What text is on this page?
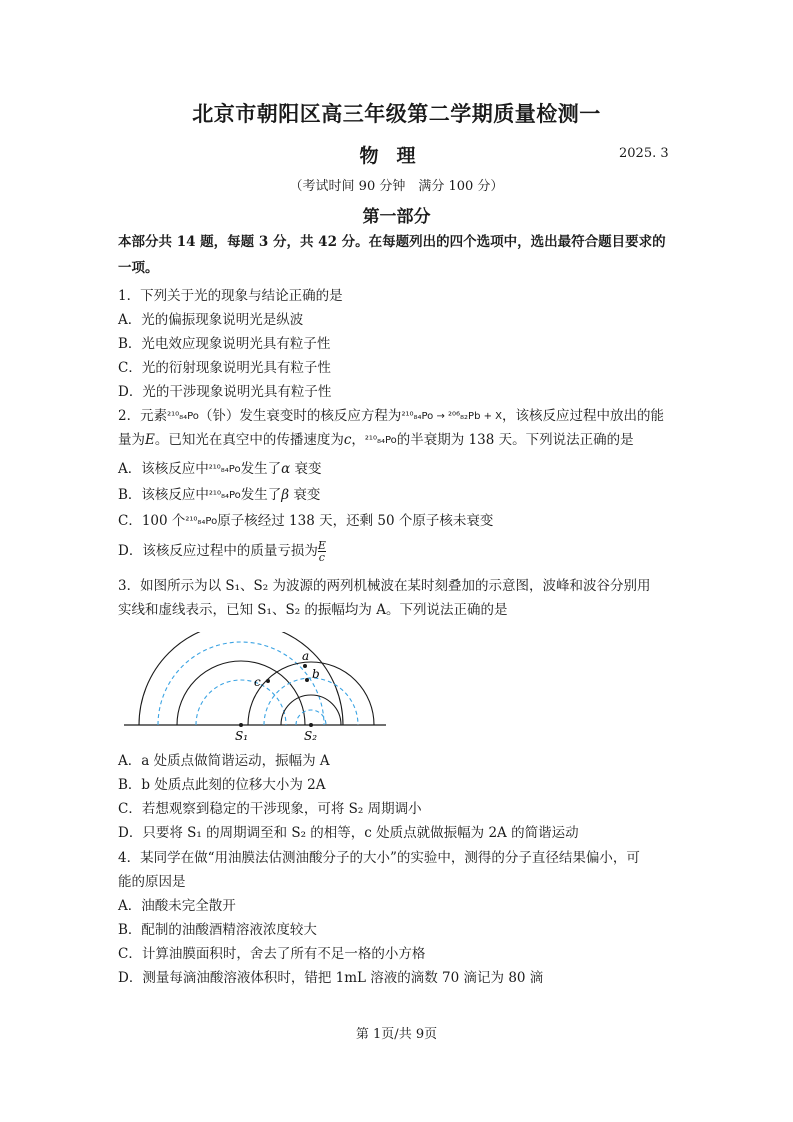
北京市朝阳区高三年级第二学期质量检测一
物理	2025. 3
（考试时间 90 分钟　满分 100 分）
第一部分
本部分共 14 题，每题 3 分，共 42 分。在每题列出的四个选项中，选出最符合题目要求的一项。
1．下列关于光的现象与结论正确的是
A．光的偏振现象说明光是纵波
B．光电效应现象说明光具有粒子性
C．光的衍射现象说明光具有粒子性
D．光的干涉现象说明光具有粒子性
2．元素²¹⁰₈₄Po（钋）发生衰变时的核反应方程为²¹⁰₈₄Po → ²⁰⁶₈₂Pb + X，该核反应过程中放出的能
量为E。已知光在真空中的传播速度为c，²¹⁰₈₄Po的半衰期为 138 天。下列说法正确的是
A．该核反应中²¹⁰₈₄Po发生了α 衰变
B．该核反应中²¹⁰₈₄Po发生了β 衰变
C．100 个²¹⁰₈₄Po原子核经过 138 天，还剩 50 个原子核未衰变
D．该核反应过程中的质量亏损为 $\frac{E}{c}$
3．如图所示为以 S₁、S₂ 为波源的两列机械波在某时刻叠加的示意图，波峰和波谷分别用
实线和虚线表示，已知 S₁、S₂ 的振幅均为 A。下列说法正确的是
a
b
c
S₁	S₂
A．a 处质点做简谐运动，振幅为 A
B．b 处质点此刻的位移大小为 2A
C．若想观察到稳定的干涉现象，可将 S₂ 周期调小
D．只要将 S₁ 的周期调至和 S₂ 的相等，c 处质点就做振幅为 2A 的简谐运动
4．某同学在做“用油膜法估测油酸分子的大小”的实验中，测得的分子直径结果偏小，可
能的原因是
A．油酸未完全散开
B．配制的油酸酒精溶液浓度较大
C．计算油膜面积时，舍去了所有不足一格的小方格
D．测量每滴油酸溶液体积时，错把 1mL 溶液的滴数 70 滴记为 80 滴
第 1页/共 9页
